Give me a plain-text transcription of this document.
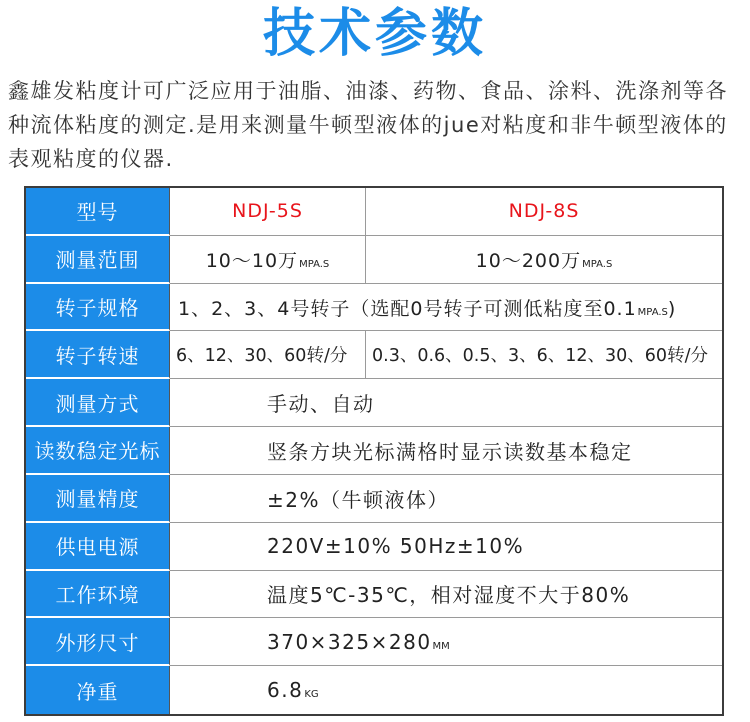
技术参数
鑫雄发粘度计可广泛应用于油脂、油漆、药物、食品、涂料、洗涤剂等各
种流体粘度的测定.是用来测量牛顿型液体的jue对粘度和非牛顿型液体的
表观粘度的仪器.
型号	NDJ-5S	NDJ-8S
测量范围	10～10万MPA.S	10～200万MPA.S
转子规格	1、2、3、4号转子（选配0号转子可测低粘度至0.1MPA.S)
转子转速	6、12、30、60转/分	0.3、0.6、0.5、3、6、12、30、60转/分
测量方式	手动、自动
读数稳定光标	竖条方块光标满格时显示读数基本稳定
测量精度	±2%（牛顿液体）
供电电源	220V±10% 50Hz±10%
工作环境	温度5℃-35℃，相对湿度不大于80%
外形尺寸	370×325×280MM
净重	6.8KG
